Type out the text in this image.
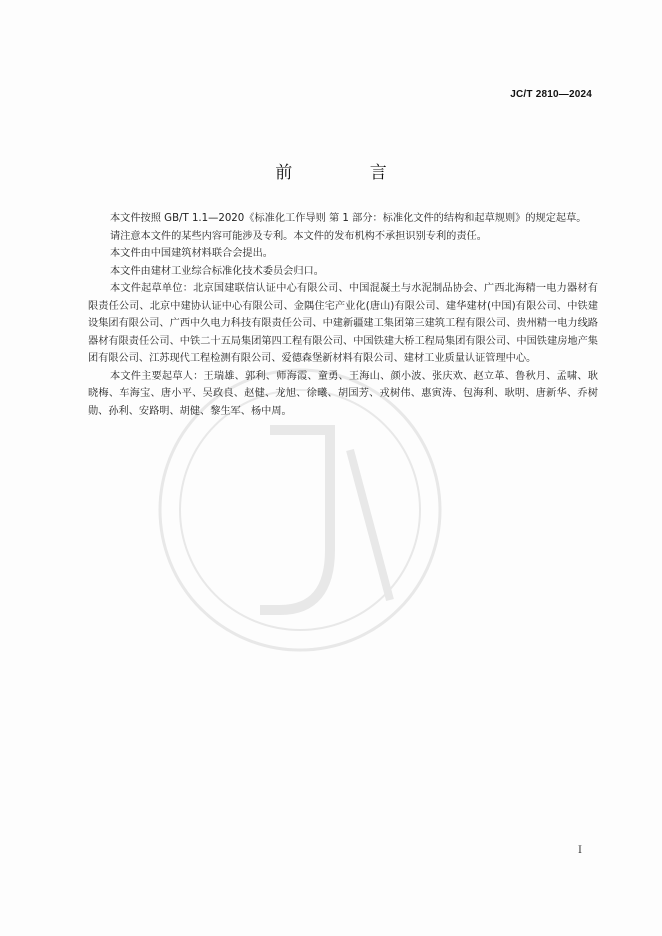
JC/T 2810—2024
前 言

本文件按照 GB/T 1.1—2020《标准化工作导则 第 1 部分：标准化文件的结构和起草规则》的规定起草。

请注意本文件的某些内容可能涉及专利。本文件的发布机构不承担识别专利的责任。

本文件由中国建筑材料联合会提出。

本文件由建材工业综合标准化技术委员会归口。

本文件起草单位：北京国建联信认证中心有限公司、中国混凝土与水泥制品协会、广西北海精一电力器材有限责任公司、北京中建协认证中心有限公司、金隅住宅产业化(唐山)有限公司、建华建材(中国)有限公司、中铁建设集团有限公司、广西中久电力科技有限责任公司、中建新疆建工集团第三建筑工程有限公司、贵州精一电力线路器材有限责任公司、中铁二十五局集团第四工程有限公司、中国铁建大桥工程局集团有限公司、中国铁建房地产集团有限公司、江苏现代工程检测有限公司、爱德森堡新材料有限公司、建材工业质量认证管理中心。

本文件主要起草人：王瑞雄、郭利、师海霞、童勇、王海山、颜小波、张庆欢、赵立革、鲁秋月、孟啸、耿晓梅、车海宝、唐小平、吴政良、赵健、龙旭、徐曦、胡国芳、戎树伟、惠寅涛、包海利、耿明、唐新华、乔树勋、孙利、安路明、胡健、黎生军、杨中周。

I
